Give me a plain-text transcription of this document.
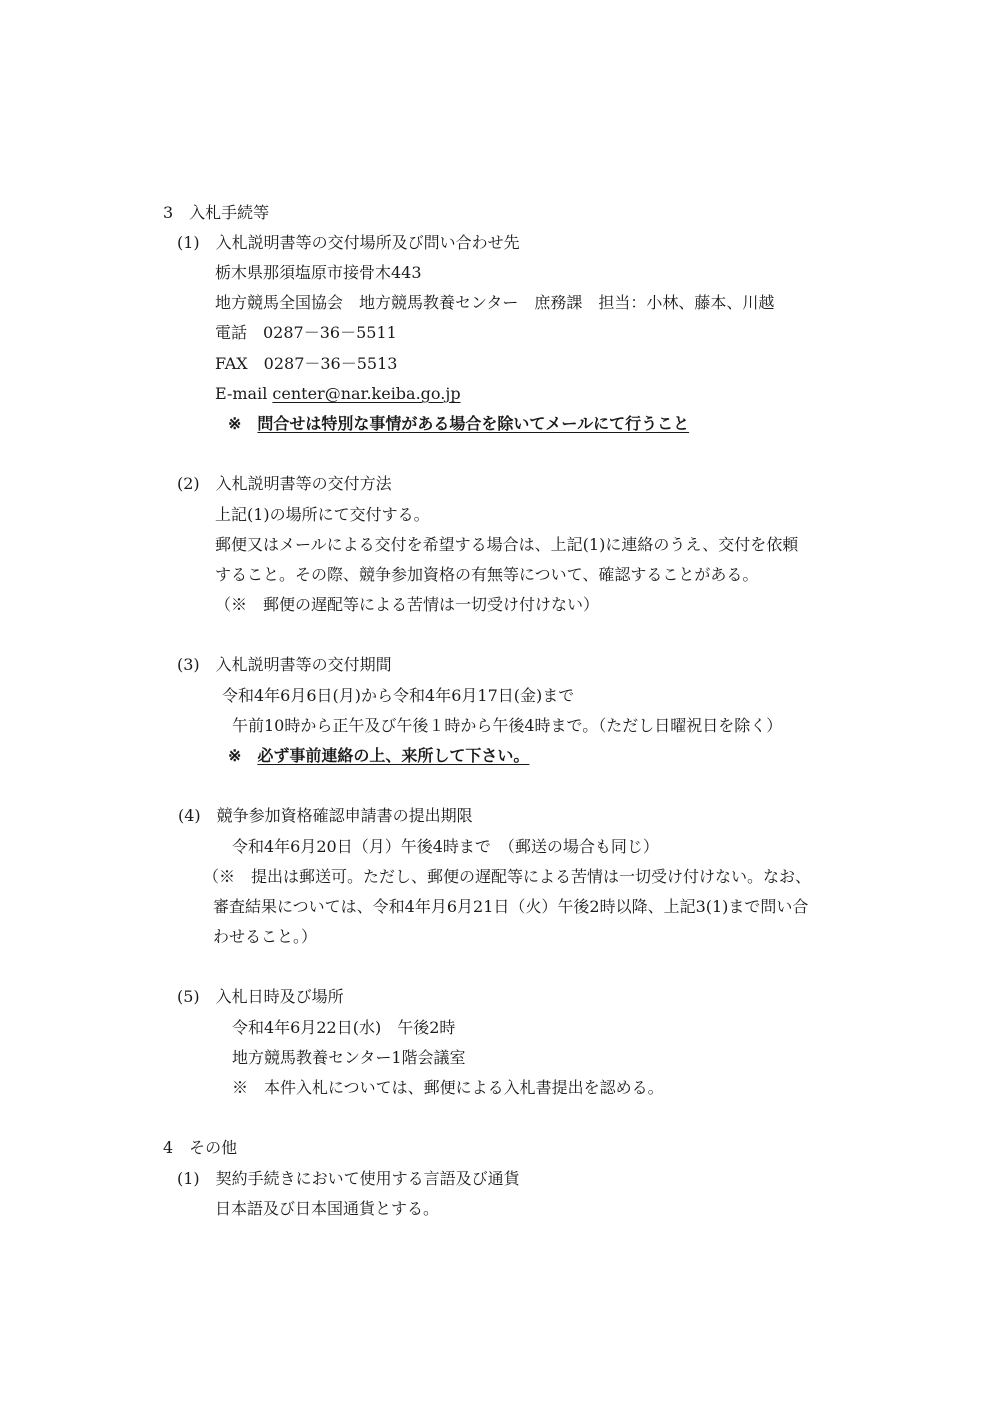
3　入札手続等
(1)　入札説明書等の交付場所及び問い合わせ先
栃木県那須塩原市接骨木443
地方競馬全国協会　地方競馬教養センター　庶務課　担当：小林、藤本、川越
電話　0287－36－5511
FAX　0287－36－5513
E-mail center@nar.keiba.go.jp
※　 問合せは特別な事情がある場合を除いてメールにて行うこと
(2)　入札説明書等の交付方法
上記(1)の場所にて交付する。
郵便又はメールによる交付を希望する場合は、上記(1)に連絡のうえ、交付を依頼
すること。その際、競争参加資格の有無等について、確認することがある。
（※　郵便の遅配等による苦情は一切受け付けない）
(3)　入札説明書等の交付期間
令和4年6月6日(月)から令和4年6月17日(金)まで
午前10時から正午及び午後１時から午後4時まで。（ただし日曜祝日を除く）
※　 必ず事前連絡の上、来所して下さい。
(4)　競争参加資格確認申請書の提出期限
令和4年6月20日（月）午後4時まで　（郵送の場合も同じ）
（※　提出は郵送可。ただし、郵便の遅配等による苦情は一切受け付けない。なお、
審査結果については、令和4年月6月21日（火）午後2時以降、上記3(1)まで問い合
わせること。）
(5)　入札日時及び場所
令和4年6月22日(水)　午後2時
地方競馬教養センター1階会議室
※　本件入札については、郵便による入札書提出を認める。
4　その他
(1)　契約手続きにおいて使用する言語及び通貨
日本語及び日本国通貨とする。
